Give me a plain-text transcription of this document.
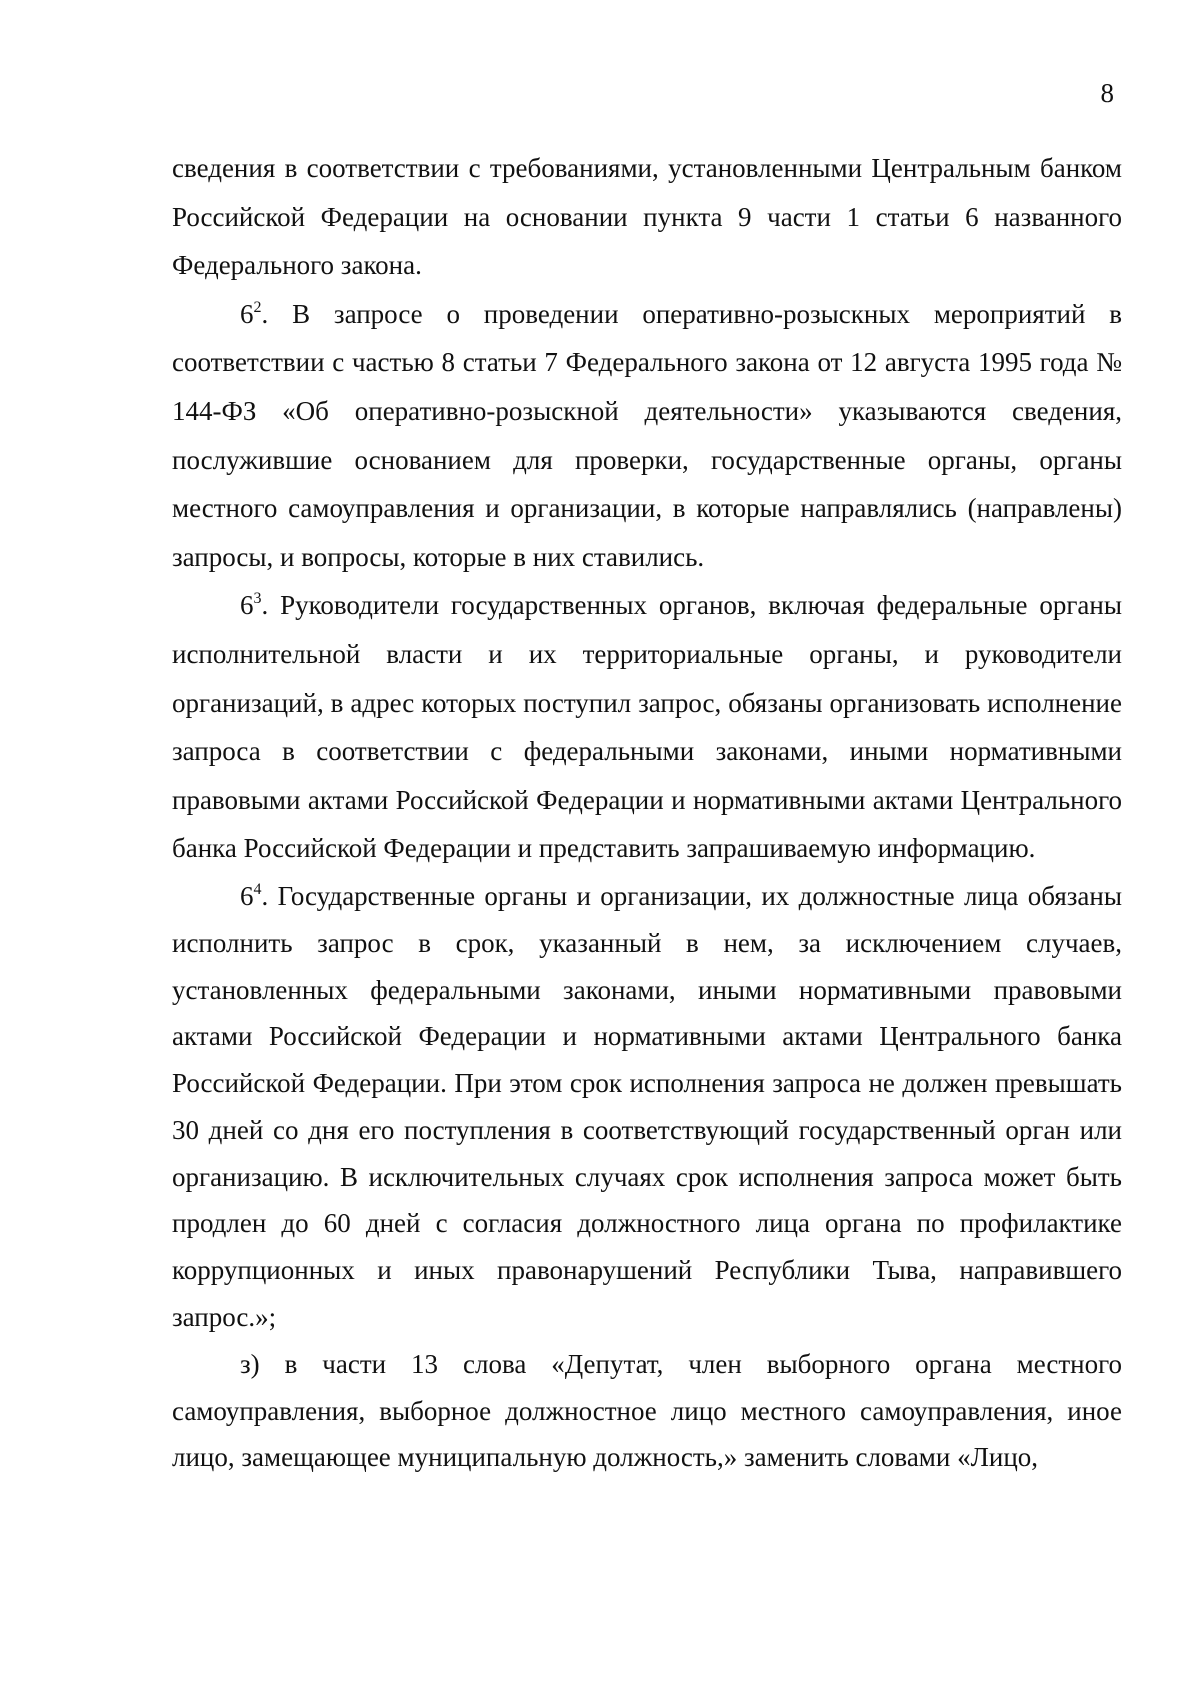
8

сведения в соответствии с требованиями, установленными Центральным банком Российской Федерации на основании пункта 9 части 1 статьи 6 названного Федерального закона.

$6^2$. В запросе о проведении оперативно-розыскных мероприятий в соответствии с частью 8 статьи 7 Федерального закона от 12 августа 1995 года № 144-ФЗ «Об оперативно-розыскной деятельности» указываются сведения, послужившие основанием для проверки, государственные органы, органы местного самоуправления и организации, в которые направлялись (направлены) запросы, и вопросы, которые в них ставились.

$6^3$. Руководители государственных органов, включая федеральные органы исполнительной власти и их территориальные органы, и руководители организаций, в адрес которых поступил запрос, обязаны организовать исполнение запроса в соответствии с федеральными законами, иными нормативными правовыми актами Российской Федерации и нормативными актами Центрального банка Российской Федерации и представить запрашиваемую информацию.

$6^4$. Государственные органы и организации, их должностные лица обязаны исполнить запрос в срок, указанный в нем, за исключением случаев, установленных федеральными законами, иными нормативными правовыми актами Российской Федерации и нормативными актами Центрального банка Российской Федерации. При этом срок исполнения запроса не должен превышать 30 дней со дня его поступления в соответствующий государственный орган или организацию. В исключительных случаях срок исполнения запроса может быть продлен до 60 дней с согласия должностного лица органа по профилактике коррупционных и иных правонарушений Республики Тыва, направившего запрос.»;

з) в части 13 слова «Депутат, член выборного органа местного самоуправления, выборное должностное лицо местного самоуправления, иное лицо, замещающее муниципальную должность,» заменить словами «Лицо,
